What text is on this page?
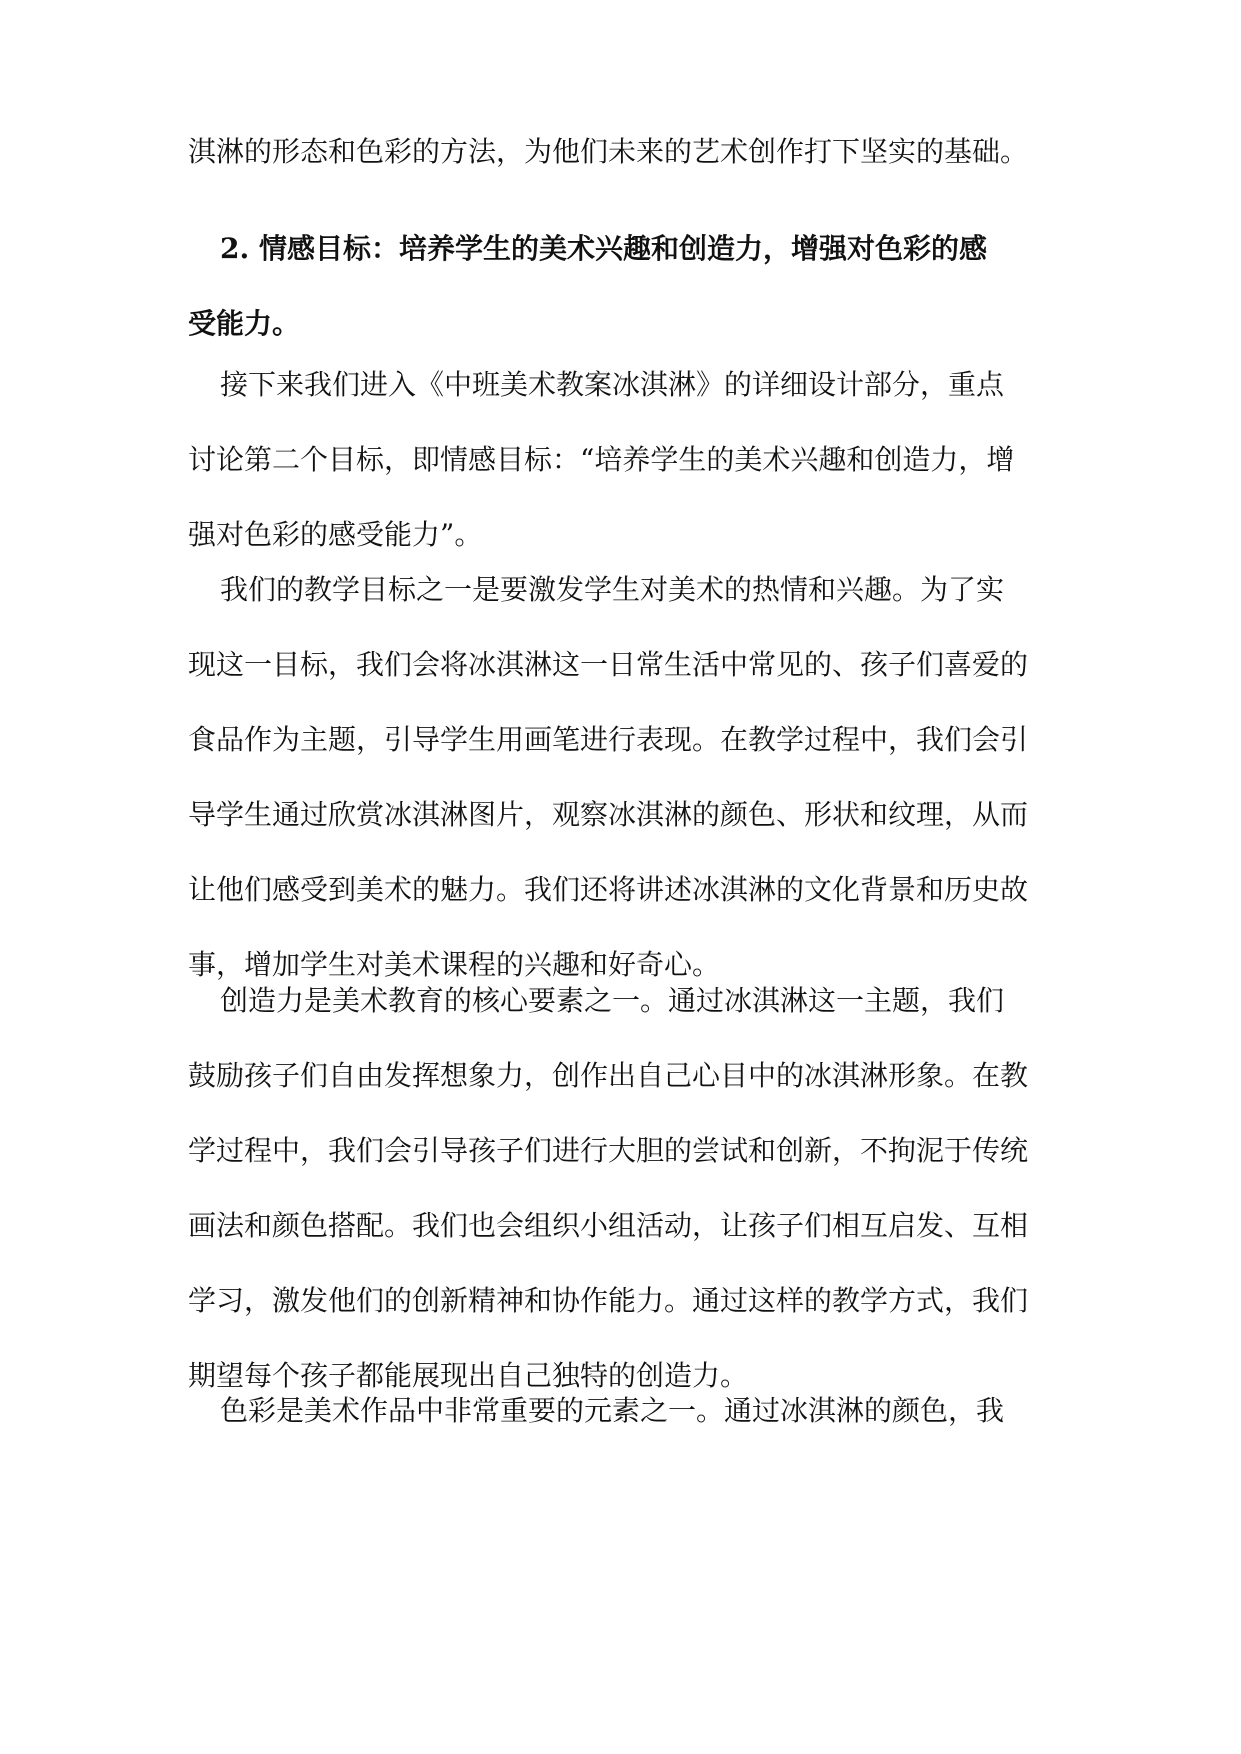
淇淋的形态和色彩的方法，为他们未来的艺术创作打下坚实的基础。
2. 情感目标：培养学生的美术兴趣和创造力，增强对色彩的感
受能力。
接下来我们进入《中班美术教案冰淇淋》的详细设计部分，重点
讨论第二个目标，即情感目标：“培养学生的美术兴趣和创造力，增
强对色彩的感受能力”。
我们的教学目标之一是要激发学生对美术的热情和兴趣。为了实
现这一目标，我们会将冰淇淋这一日常生活中常见的、孩子们喜爱的
食品作为主题，引导学生用画笔进行表现。在教学过程中，我们会引
导学生通过欣赏冰淇淋图片，观察冰淇淋的颜色、形状和纹理，从而
让他们感受到美术的魅力。我们还将讲述冰淇淋的文化背景和历史故
事，增加学生对美术课程的兴趣和好奇心。
创造力是美术教育的核心要素之一。通过冰淇淋这一主题，我们
鼓励孩子们自由发挥想象力，创作出自己心目中的冰淇淋形象。在教
学过程中，我们会引导孩子们进行大胆的尝试和创新，不拘泥于传统
画法和颜色搭配。我们也会组织小组活动，让孩子们相互启发、互相
学习，激发他们的创新精神和协作能力。通过这样的教学方式，我们
期望每个孩子都能展现出自己独特的创造力。
色彩是美术作品中非常重要的元素之一。通过冰淇淋的颜色，我
